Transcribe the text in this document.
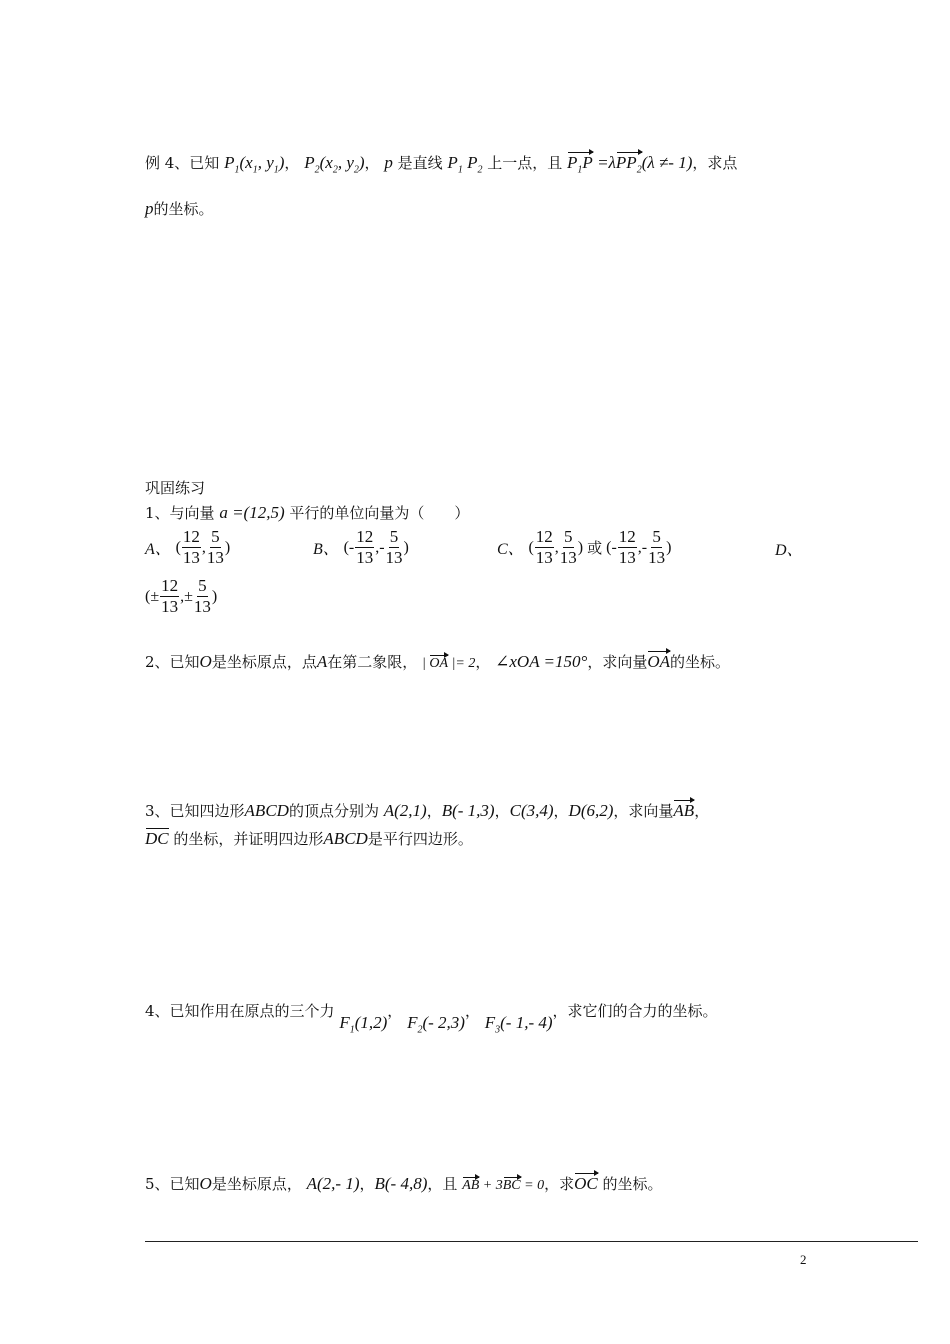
例 4、已知 $P_1(x_1$, $y_1$)， $P_2(x_2$, $y_2$)， p 是直线 $P_1$ $P_2$ 上一点，且 $P_1P =\lambda PP_2(\lambda \ne- 1)$，求点
p的坐标。
巩固练习
1、与向量 a =(12,5) 平行的单位向量为（　　）
A、
( $\frac{12}{13}$ , $\frac{5}{13}$ )	B、
(- $\frac{12}{13}$ ,- $\frac{5}{13}$ )	C、
( $\frac{12}{13}$ , $\frac{5}{13}$ ) 或 (- $\frac{12}{13}$ ,- $\frac{5}{13}$ )	D、
(± $\frac{12}{13}$ ,± $\frac{5}{13}$ )
2、已知O是坐标原点，点A在第二象限， | OA |= 2， ∠xOA =150°，求向量OA的坐标。
3、已知四边形ABCD的顶点分别为 A(2,1)，B(- 1,3)，C(3,4)，D(6,2)，求向量AB，
DC 的坐标，并证明四边形ABCD是平行四边形。
4、已知作用在原点的三个力 $F_1(1,2)$， $F_2(-$ 2,3)， $F_3(-$ 1,- 4)，求它们的合力的坐标。
5、已知O是坐标原点， A(2,- 1)，B(- 4,8)，且 AB + 3BC = 0，求OC 的坐标。
2
